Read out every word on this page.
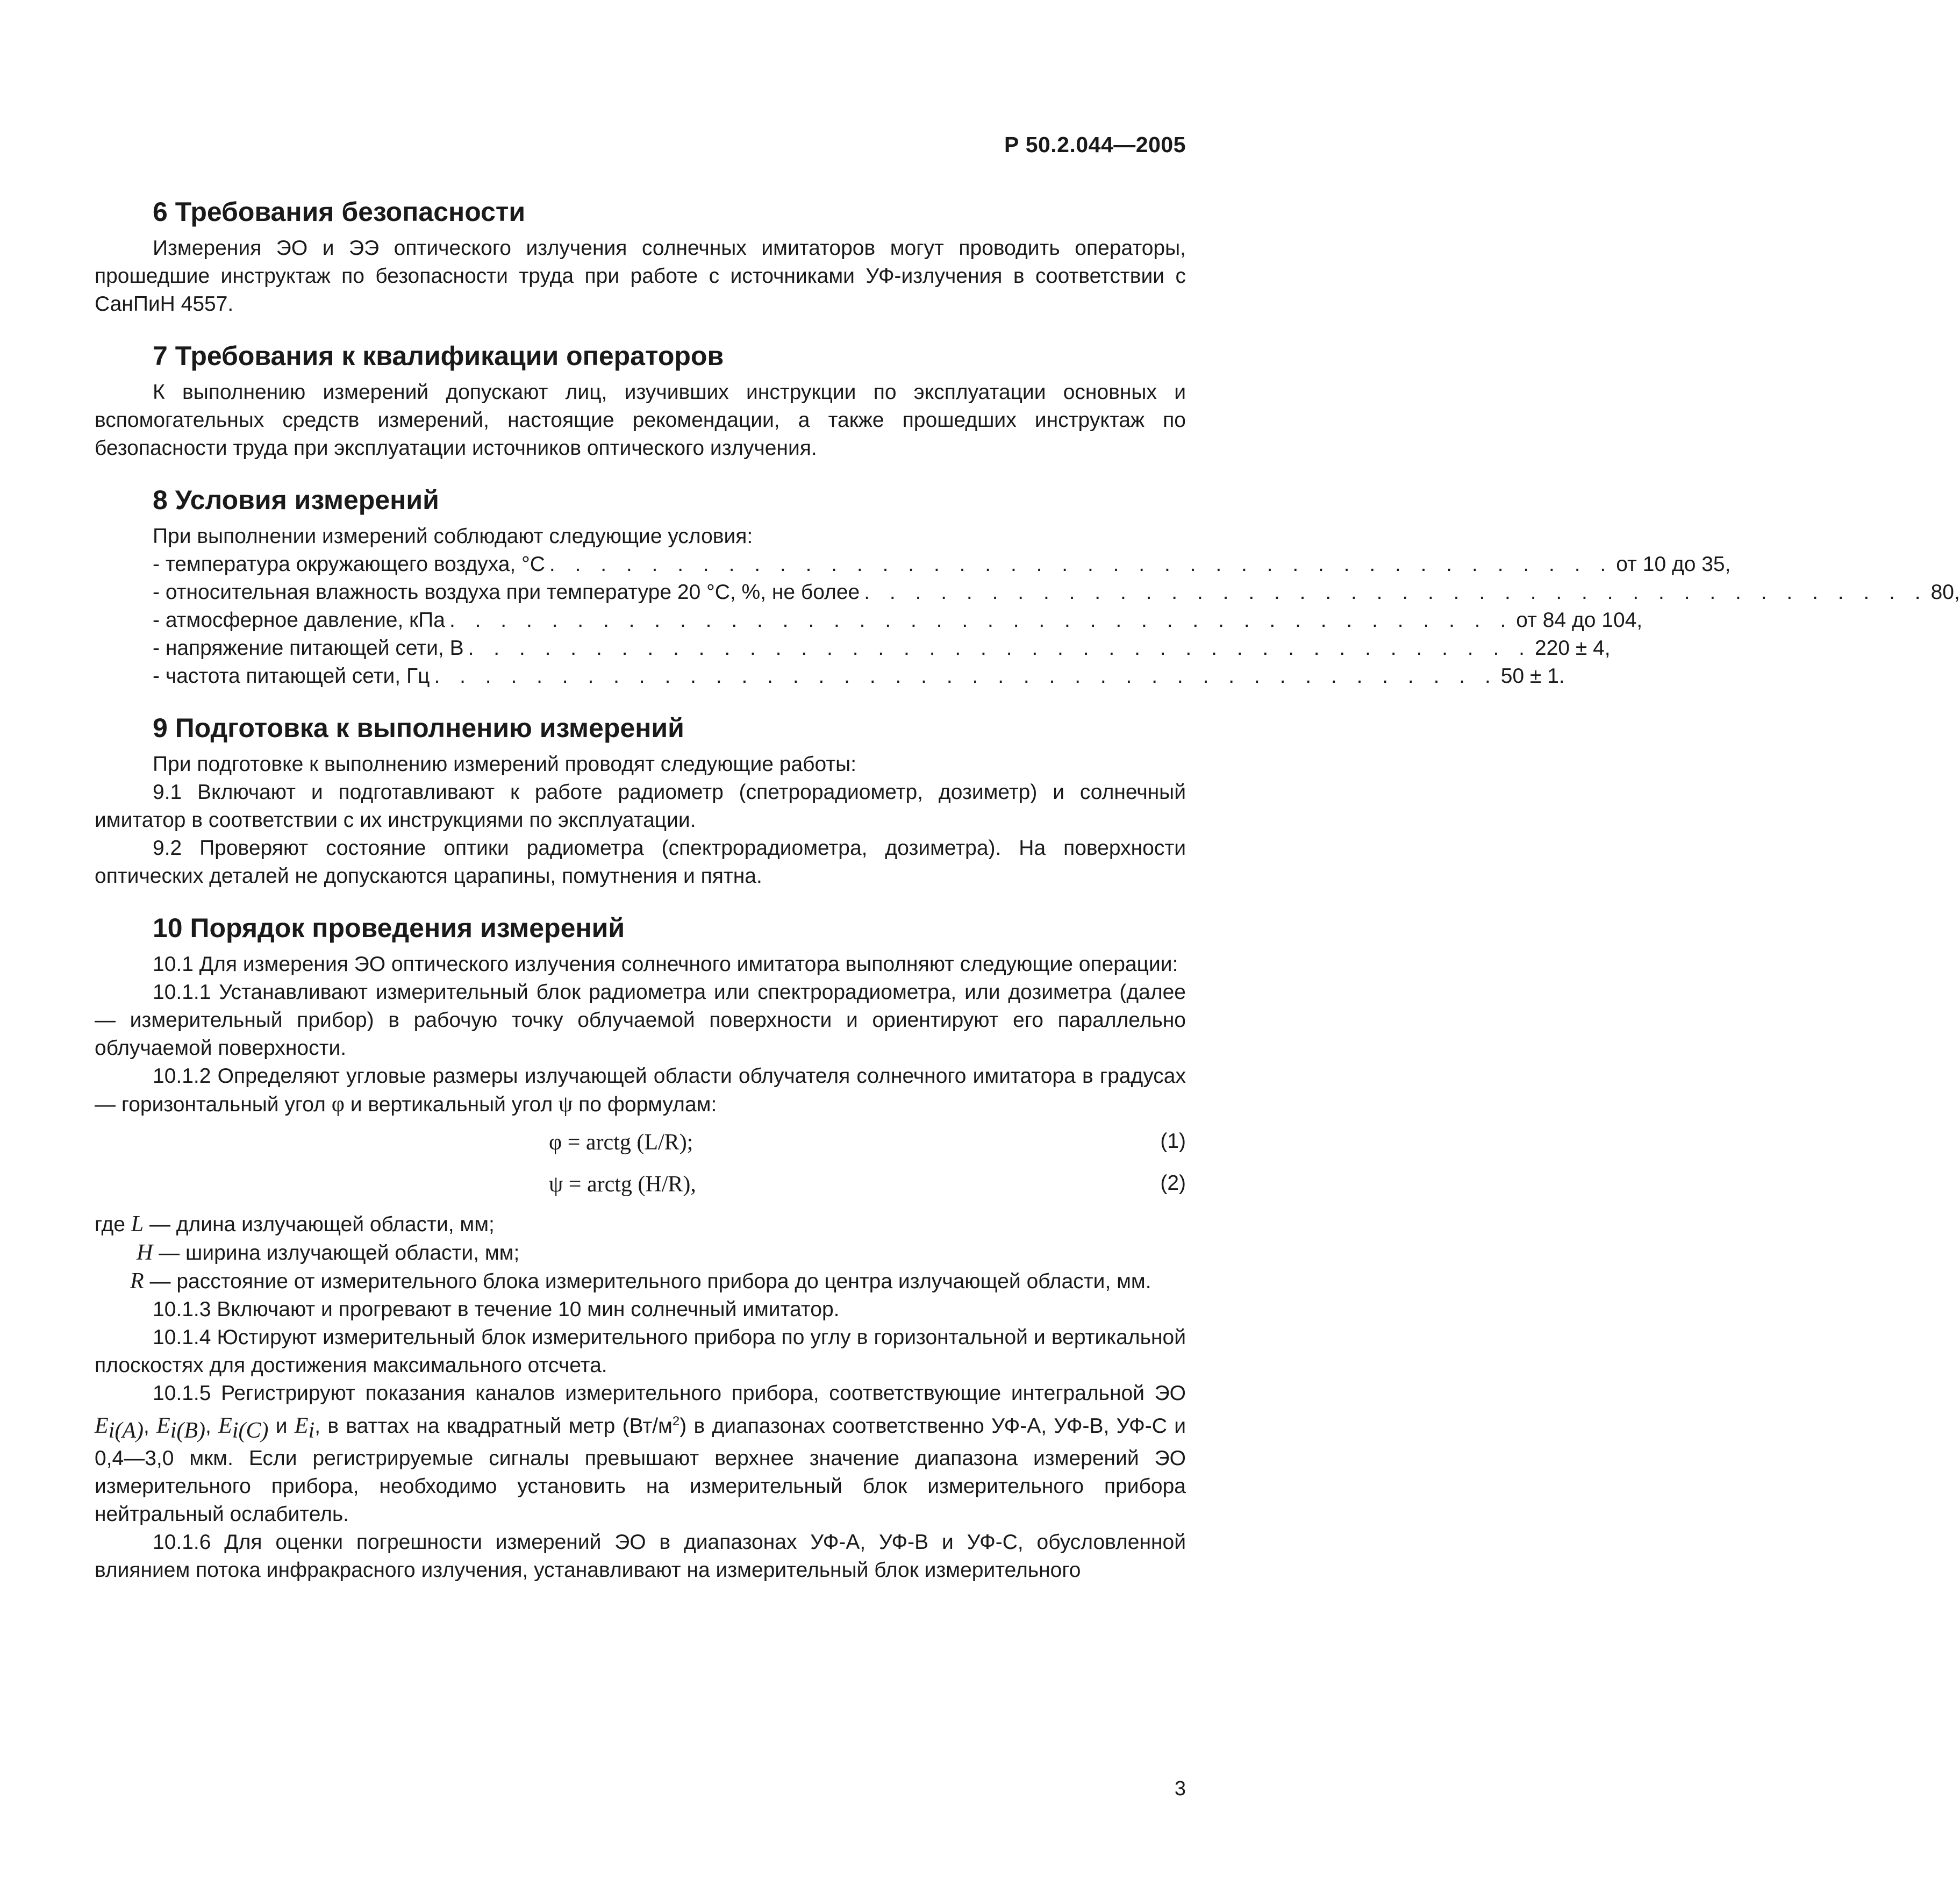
Р 50.2.044—2005
6 Требования безопасности

Измерения ЭО и ЭЭ оптического излучения солнечных имитаторов могут проводить операторы, прошедшие инструктаж по безопасности труда при работе с источниками УФ-излучения в соответствии с СанПиН 4557.

7 Требования к квалификации операторов

К выполнению измерений допускают лиц, изучивших инструкции по эксплуатации основных и вспомогательных средств измерений, настоящие рекомендации, а также прошедших инструктаж по безопасности труда при эксплуатации источников оптического излучения.

8 Условия измерений

При выполнении измерений соблюдают следующие условия:

- температура окружающего воздуха, °С . . . . . . . . . . . . . . . . . . . . . . . . . . . . . . . . . . . . . . . . . . от 10 до 35,
- относительная влажность воздуха при температуре 20 °С, %, не более . . . . . . . . . . . . . . . . . . . . . . . . . . . . . . . . . . . . . . . . . . 80,
- атмосферное давление, кПа . . . . . . . . . . . . . . . . . . . . . . . . . . . . . . . . . . . . . . . . . . от 84 до 104,
- напряжение питающей сети, В . . . . . . . . . . . . . . . . . . . . . . . . . . . . . . . . . . . . . . . . . . 220 ± 4,
- частота питающей сети, Гц . . . . . . . . . . . . . . . . . . . . . . . . . . . . . . . . . . . . . . . . . . 50 ± 1.
9 Подготовка к выполнению измерений

При подготовке к выполнению измерений проводят следующие работы:

9.1 Включают и подготавливают к работе радиометр (спетрорадиометр, дозиметр) и солнечный имитатор в соответствии с их инструкциями по эксплуатации.

9.2 Проверяют состояние оптики радиометра (спектрорадиометра, дозиметра). На поверхности оптических деталей не допускаются царапины, помутнения и пятна.

10 Порядок проведения измерений

10.1 Для измерения ЭО оптического излучения солнечного имитатора выполняют следующие операции:

10.1.1 Устанавливают измерительный блок радиометра или спектрорадиометра, или дозиметра (далее — измерительный прибор) в рабочую точку облучаемой поверхности и ориентируют его параллельно облучаемой поверхности.

10.1.2 Определяют угловые размеры излучающей области облучателя солнечного имитатора в градусах — горизонтальный угол φ и вертикальный угол ψ по формулам:

φ = arctg (L/R);	(1)
ψ = arctg (H/R),	(2)
где L — длина излучающей области, мм;
H — ширина излучающей области, мм;
R — расстояние от измерительного блока измерительного прибора до центра излучающей области, мм.

10.1.3 Включают и прогревают в течение 10 мин солнечный имитатор.

10.1.4 Юстируют измерительный блок измерительного прибора по углу в горизонтальной и вертикальной плоскостях для достижения максимального отсчета.

10.1.5 Регистрируют показания каналов измерительного прибора, соответствующие интегральной ЭО $E_{i(A)}$, $E_{i(B)}$, $E_{i(C)}$ и $E_i$, в ваттах на квадратный метр $(Вт/м^2)$ в диапазонах соответственно УФ-А, УФ-В, УФ-С и 0,4—3,0 мкм. Если регистрируемые сигналы превышают верхнее значение диапазона измерений ЭО измерительного прибора, необходимо установить на измерительный блок измерительного прибора нейтральный ослабитель.

10.1.6 Для оценки погрешности измерений ЭО в диапазонах УФ-А, УФ-В и УФ-С, обусловленной влиянием потока инфракрасного излучения, устанавливают на измерительный блок измерительного

3
